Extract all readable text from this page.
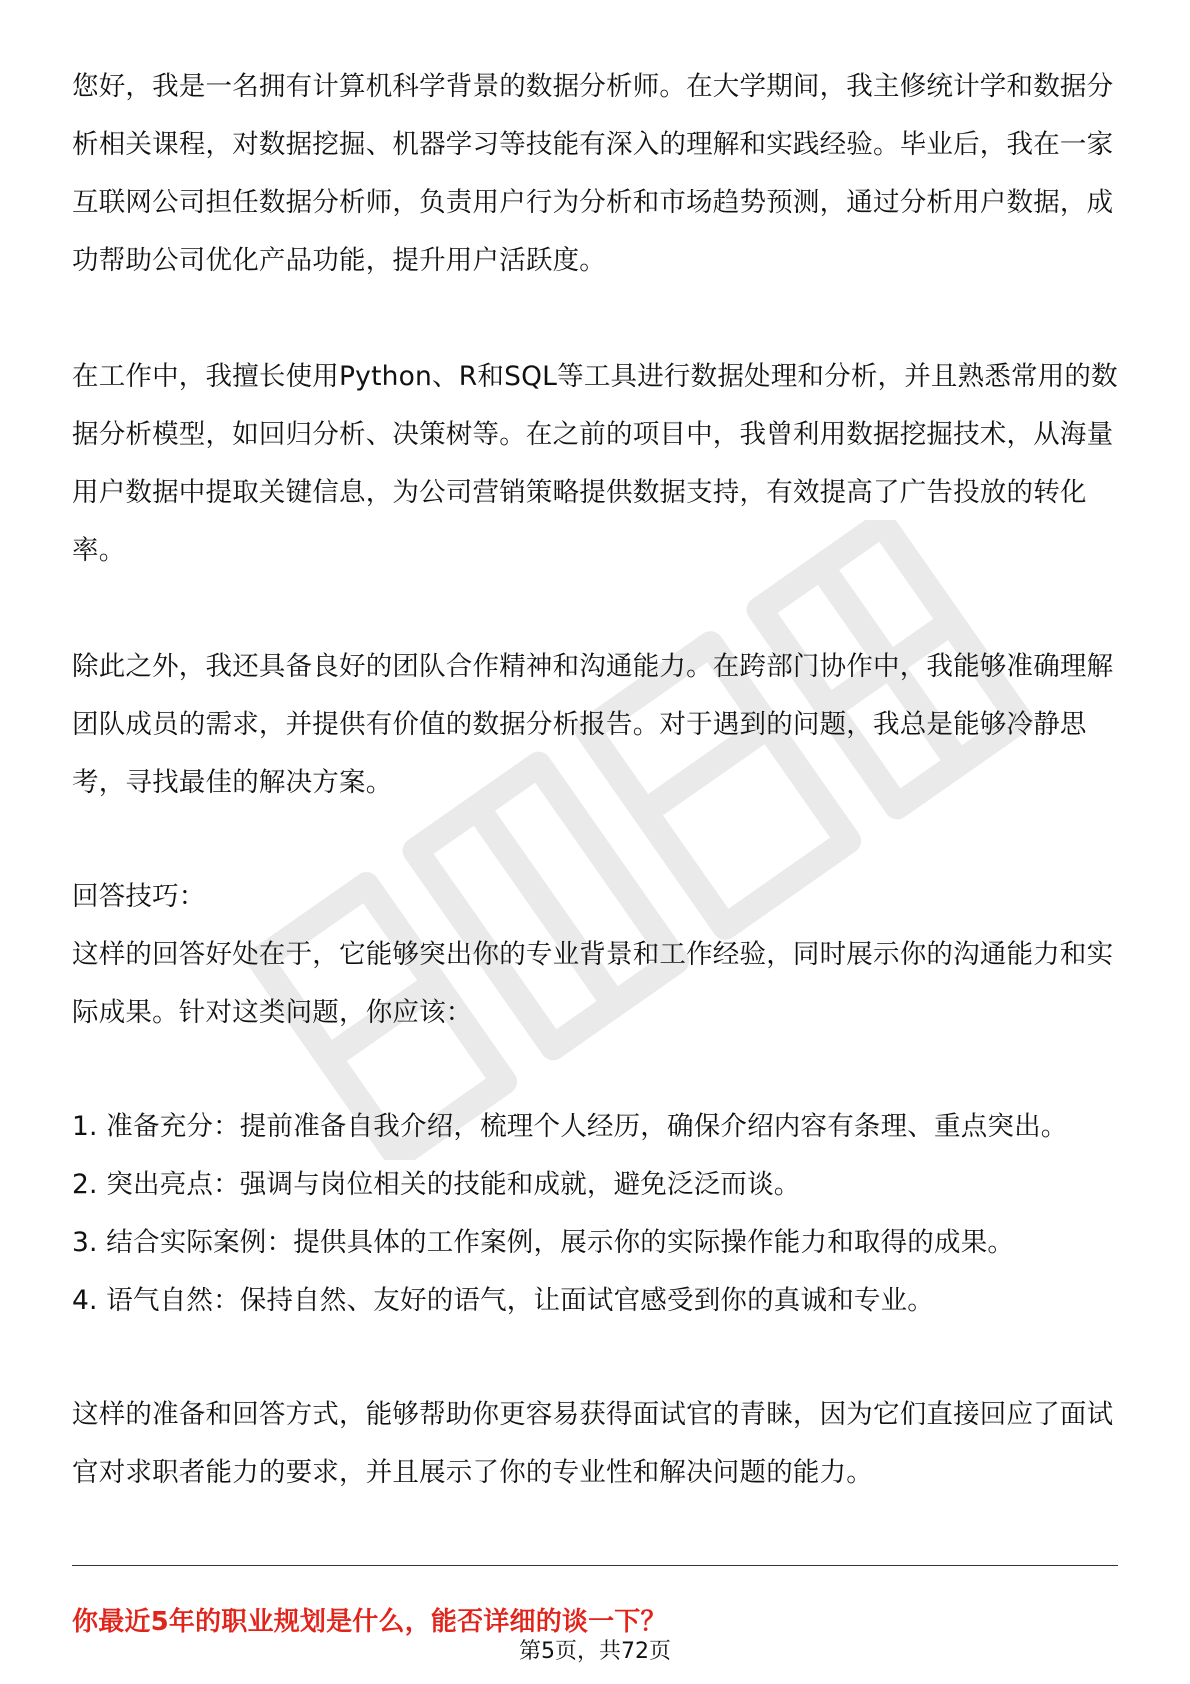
您好，我是一名拥有计算机科学背景的数据分析师。在大学期间，我主修统计学和数据分析相关课程，对数据挖掘、机器学习等技能有深入的理解和实践经验。毕业后，我在一家互联网公司担任数据分析师，负责用户行为分析和市场趋势预测，通过分析用户数据，成功帮助公司优化产品功能，提升用户活跃度。

在工作中，我擅长使用Python、R和SQL等工具进行数据处理和分析，并且熟悉常用的数据分析模型，如回归分析、决策树等。在之前的项目中，我曾利用数据挖掘技术，从海量用户数据中提取关键信息，为公司营销策略提供数据支持，有效提高了广告投放的转化率。

除此之外，我还具备良好的团队合作精神和沟通能力。在跨部门协作中，我能够准确理解团队成员的需求，并提供有价值的数据分析报告。对于遇到的问题，我总是能够冷静思考，寻找最佳的解决方案。

回答技巧：

这样的回答好处在于，它能够突出你的专业背景和工作经验，同时展示你的沟通能力和实际成果。针对这类问题，你应该：

1. 准备充分：提前准备自我介绍，梳理个人经历，确保介绍内容有条理、重点突出。

2. 突出亮点：强调与岗位相关的技能和成就，避免泛泛而谈。

3. 结合实际案例：提供具体的工作案例，展示你的实际操作能力和取得的成果。

4. 语气自然：保持自然、友好的语气，让面试官感受到你的真诚和专业。

这样的准备和回答方式，能够帮助你更容易获得面试官的青睐，因为它们直接回应了面试官对求职者能力的要求，并且展示了你的专业性和解决问题的能力。

你最近5年的职业规划是什么，能否详细的谈一下？
第5页，共72页
